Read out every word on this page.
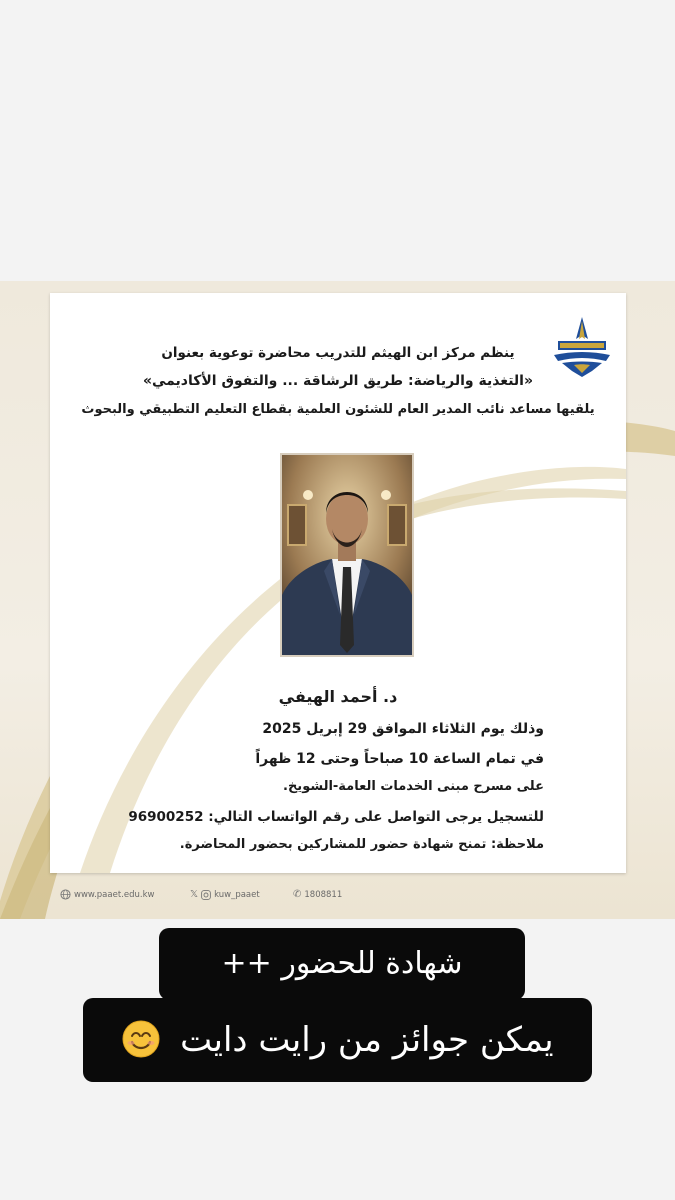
ينظم مركز ابن الهيثم للتدريب محاضرة توعوية بعنوان
«التغذية والرياضة: طريق الرشاقة ... والتفوق الأكاديمي»
يلقيها مساعد نائب المدير العام للشئون العلمية بقطاع التعليم التطبيقي والبحوث
د. أحمد الهيفي
وذلك يوم الثلاثاء الموافق 29 إبريل 2025
في تمام الساعة 10 صباحاً وحتى 12 ظهراً
على مسرح مبنى الخدمات العامة-الشويخ.
للتسجيل يرجى التواصل على رقم الواتساب التالي: 96900252
ملاحظة: تمنح شهادة حضور للمشاركين بحضور المحاضرة.
www.paaet.edu.kw	𝕏 kuw_paaet	✆ 1808811
شهادة للحضور ++
يمكن جوائز من رايت دايت
